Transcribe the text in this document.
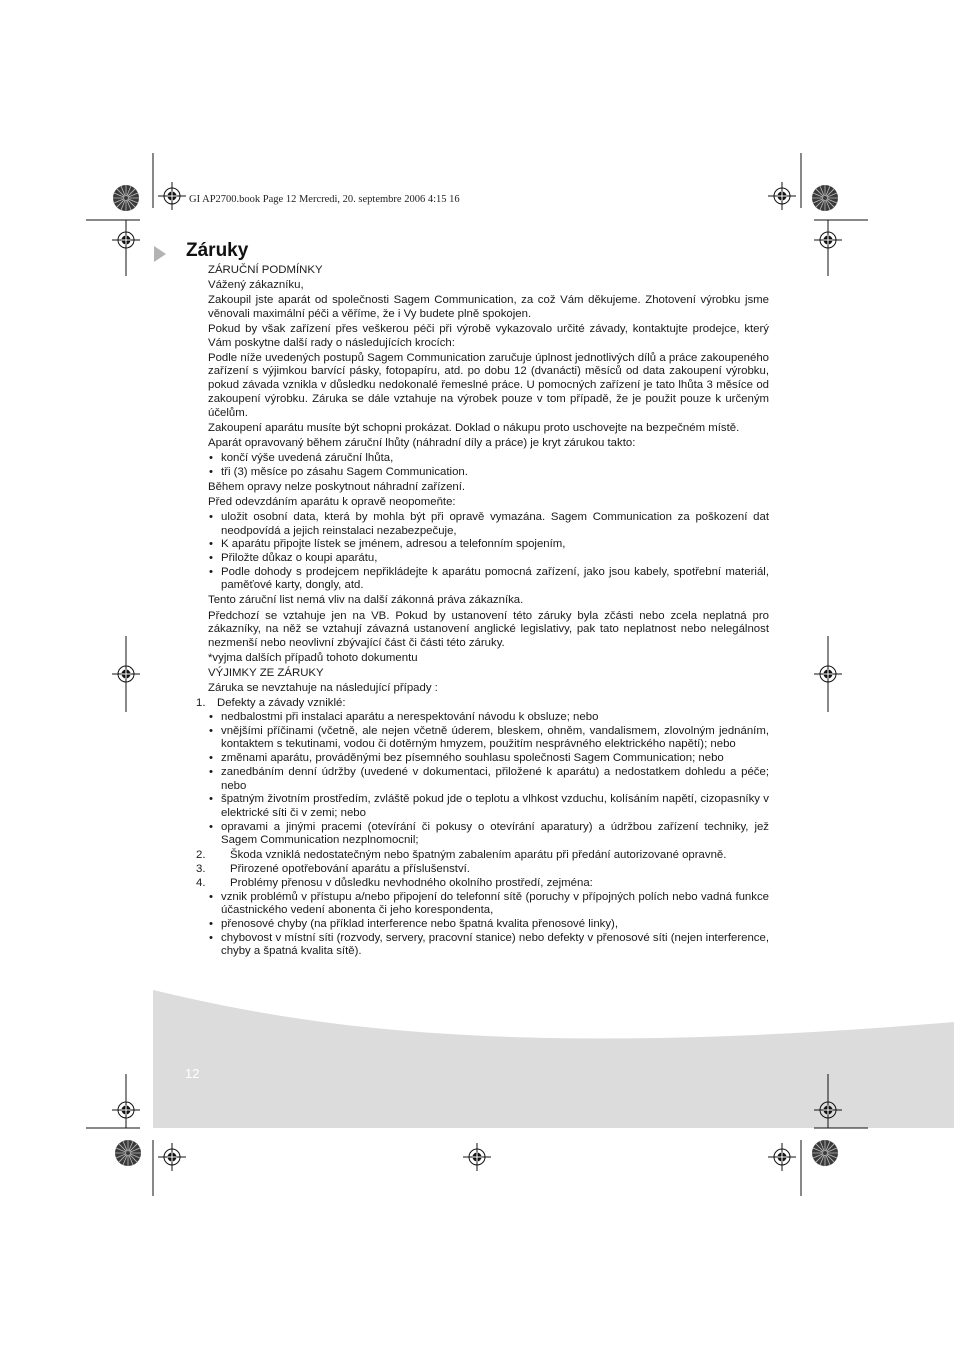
GI AP2700.book Page 12 Mercredi, 20. septembre 2006 4:15 16
Záruky

ZÁRUČNÍ PODMÍNKY

Vážený zákazníku,

Zakoupil jste aparát od společnosti Sagem Communication, za což Vám děkujeme. Zhotovení výrobku jsme věnovali maximální péči a věříme, že i Vy budete plně spokojen.

Pokud by však zařízení přes veškerou péči při výrobě vykazovalo určité závady, kontaktujte prodejce, který Vám poskytne další rady o následujících krocích:

Podle níže uvedených postupů Sagem Communication zaručuje úplnost jednotlivých dílů a práce zakoupeného zařízení s výjimkou barvící pásky, fotopapíru, atd. po dobu 12 (dvanácti) měsíců od data zakoupení výrobku, pokud závada vznikla v důsledku nedokonalé řemeslné práce. U pomocných zařízení je tato lhůta 3 měsíce od zakoupení výrobku. Záruka se dále vztahuje na výrobek pouze v tom případě, že je použit pouze k určeným účelům.

Zakoupení aparátu musíte být schopni prokázat. Doklad o nákupu proto uschovejte na bezpečném místě.

Aparát opravovaný během záruční lhůty (náhradní díly a práce) je kryt zárukou takto:

• končí výše uvedená záruční lhůta,
• tři (3) měsíce po zásahu Sagem Communication.

Během opravy nelze poskytnout náhradní zařízení.

Před odevzdáním aparátu k opravě neopomeňte:

• uložit osobní data, která by mohla být při opravě vymazána. Sagem Communication za poškození dat neodpovídá a jejich reinstalaci nezabezpečuje,
• K aparátu připojte lístek se jménem, adresou a telefonním spojením,
• Přiložte důkaz o koupi aparátu,
• Podle dohody s prodejcem nepřikládejte k aparátu pomocná zařízení, jako jsou kabely, spotřební materiál, paměťové karty, dongly, atd.

Tento záruční list nemá vliv na další zákonná práva zákazníka.

Předchozí se vztahuje jen na VB. Pokud by ustanovení této záruky byla zčásti nebo zcela neplatná pro zákazníky, na něž se vztahují závazná ustanovení anglické legislativy, pak tato neplatnost nebo nelegálnost nezmenší nebo neovlivní zbývající část či části této záruky.

*vyjma dalších případů tohoto dokumentu

VÝJIMKY ZE ZÁRUKY

Záruka se nevztahuje na následující případy :

1.	Defekty a závady vzniklé:
• nedbalostmi při instalaci aparátu a nerespektování návodu k obsluze; nebo
• vnějšími příčinami (včetně, ale nejen včetně úderem, bleskem, ohněm, vandalismem, zlovolným jednáním, kontaktem s tekutinami, vodou či dotěrným hmyzem, použitím nesprávného elektrického napětí); nebo
• změnami aparátu, prováděnými bez písemného souhlasu společnosti Sagem Communication; nebo
• zanedbáním denní údržby (uvedené v dokumentaci, přiložené k aparátu) a nedostatkem dohledu a péče; nebo
• špatným životním prostředím, zvláště pokud jde o teplotu a vlhkost vzduchu, kolísáním napětí, cizopasníky v elektrické síti či v zemi; nebo
• opravami a jinými pracemi (otevírání či pokusy o otevírání aparatury) a údržbou zařízení techniky, jež Sagem Communication nezplnomocnil;
2.	Škoda vzniklá nedostatečným nebo špatným zabalením aparátu při předání autorizované opravně.
3.	Přirozené opotřebování aparátu a příslušenství.
4.	Problémy přenosu v důsledku nevhodného okolního prostředí, zejména:
• vznik problémů v přístupu a/nebo připojení do telefonní sítě (poruchy v přípojných polích nebo vadná funkce účastnického vedení abonenta či jeho korespondenta,
• přenosové chyby (na příklad interference nebo špatná kvalita přenosové linky),
• chybovost v místní síti (rozvody, servery, pracovní stanice) nebo defekty v přenosové síti (nejen interference, chyby a špatná kvalita sítě).
12
